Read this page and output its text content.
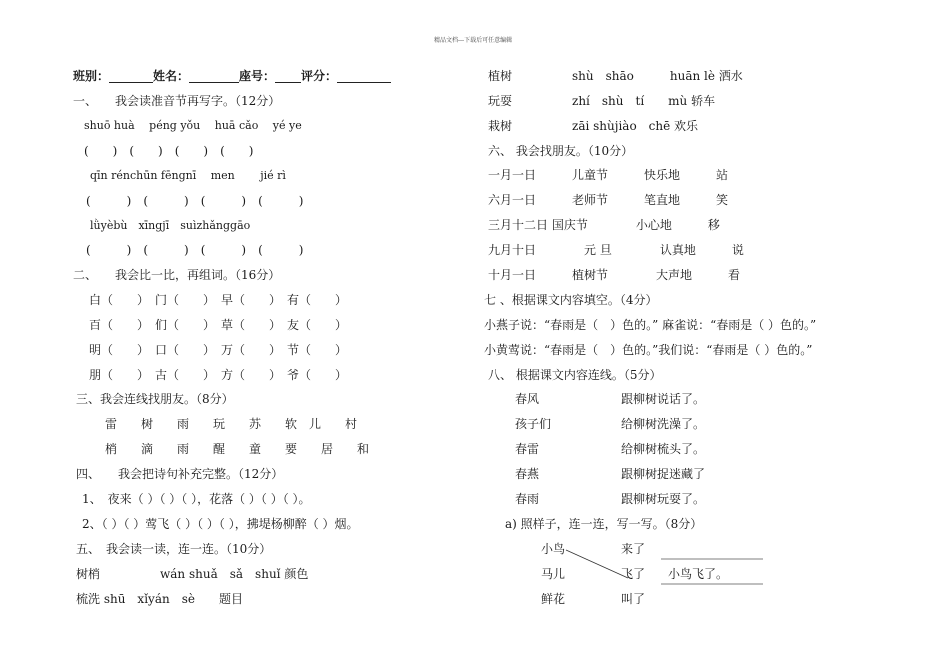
精品文档---下载后可任意编辑
班别：	姓名：	座号： 评分：
一、　　我会读准音节再写字。（12分）
shuō huà　 péng yǒu　 huā cǎo　 yé ye
(　　)　(　　)　(　　)　(　　)
qīn rénchūn fēngnī　 men　　 jié rì
(　　　)　(　　　)　(　　　)　(　　　)
lǜyèbù　xīngjī　suìzhǎnggāo
(　　　)　(　　　)　(　　　)　(　　　)
二、　　我会比一比，再组词。（16分）
白（　　）　门（　　）　早（　　）　有（　　）
百（　　）　们（　　）　草（　　）　友（　　）
明（　　）　口（　　）　万（　　）　节（　　）
朋（　　）　古（　　）　方（　　）　爷（　　）
三、我会连线找朋友。（8分）
雷　　树　　雨　　玩　　苏　　软　儿　　村
梢　　滴　　雨　　醒　　童　　要　　居　　和
四、　　我会把诗句补充完整。（12分）
1、　夜来（ ）（ ）（ ），花落（ ）（ ）（ ）。
2、（ ）（ ）莺飞（ ）（ ）（ ），拂堤杨柳醉（ ）烟。
五、　我会读一读，连一连。（10分）
树梢　　　　　wán shuǎ　sǎ　shuǐ 颜色
梳洗 shū　xǐyán　sè　　题目
植树　　　　　shù　shāo　　　huān lè 洒水
玩耍　　　　　zhí　shù　tí　　mù 轿车
栽树　　　　　zāi shùjiào　chē 欢乐
六、 我会找朋友。（10分）
一月一日　　　儿童节　　　快乐地　　　站
六月一日　　　老师节　　　笔直地　　　笑
三月十二日 国庆节　　　　小心地　　　移
九月十日　　　　元 旦　　　　认真地　　　说
十月一日　　　植树节　　　　大声地　　　看
七 、根据课文内容填空。（4分）
小燕子说：“春雨是（　）色的。” 麻雀说：“春雨是（ ）色的。”
小黄莺说：“春雨是（　）色的。”我们说：“春雨是（ ）色的。”
八、 根据课文内容连线。（5分）
春风
孩子们
春雷
春燕
春雨
跟柳树说话了。
给柳树洗澡了。
给柳树梳头了。
跟柳树捉迷藏了
跟柳树玩耍了。
a) 照样子，连一连，写一写。（8分）
小鸟
马儿
鲜花
来了
飞了
叫了
小鸟飞了。
